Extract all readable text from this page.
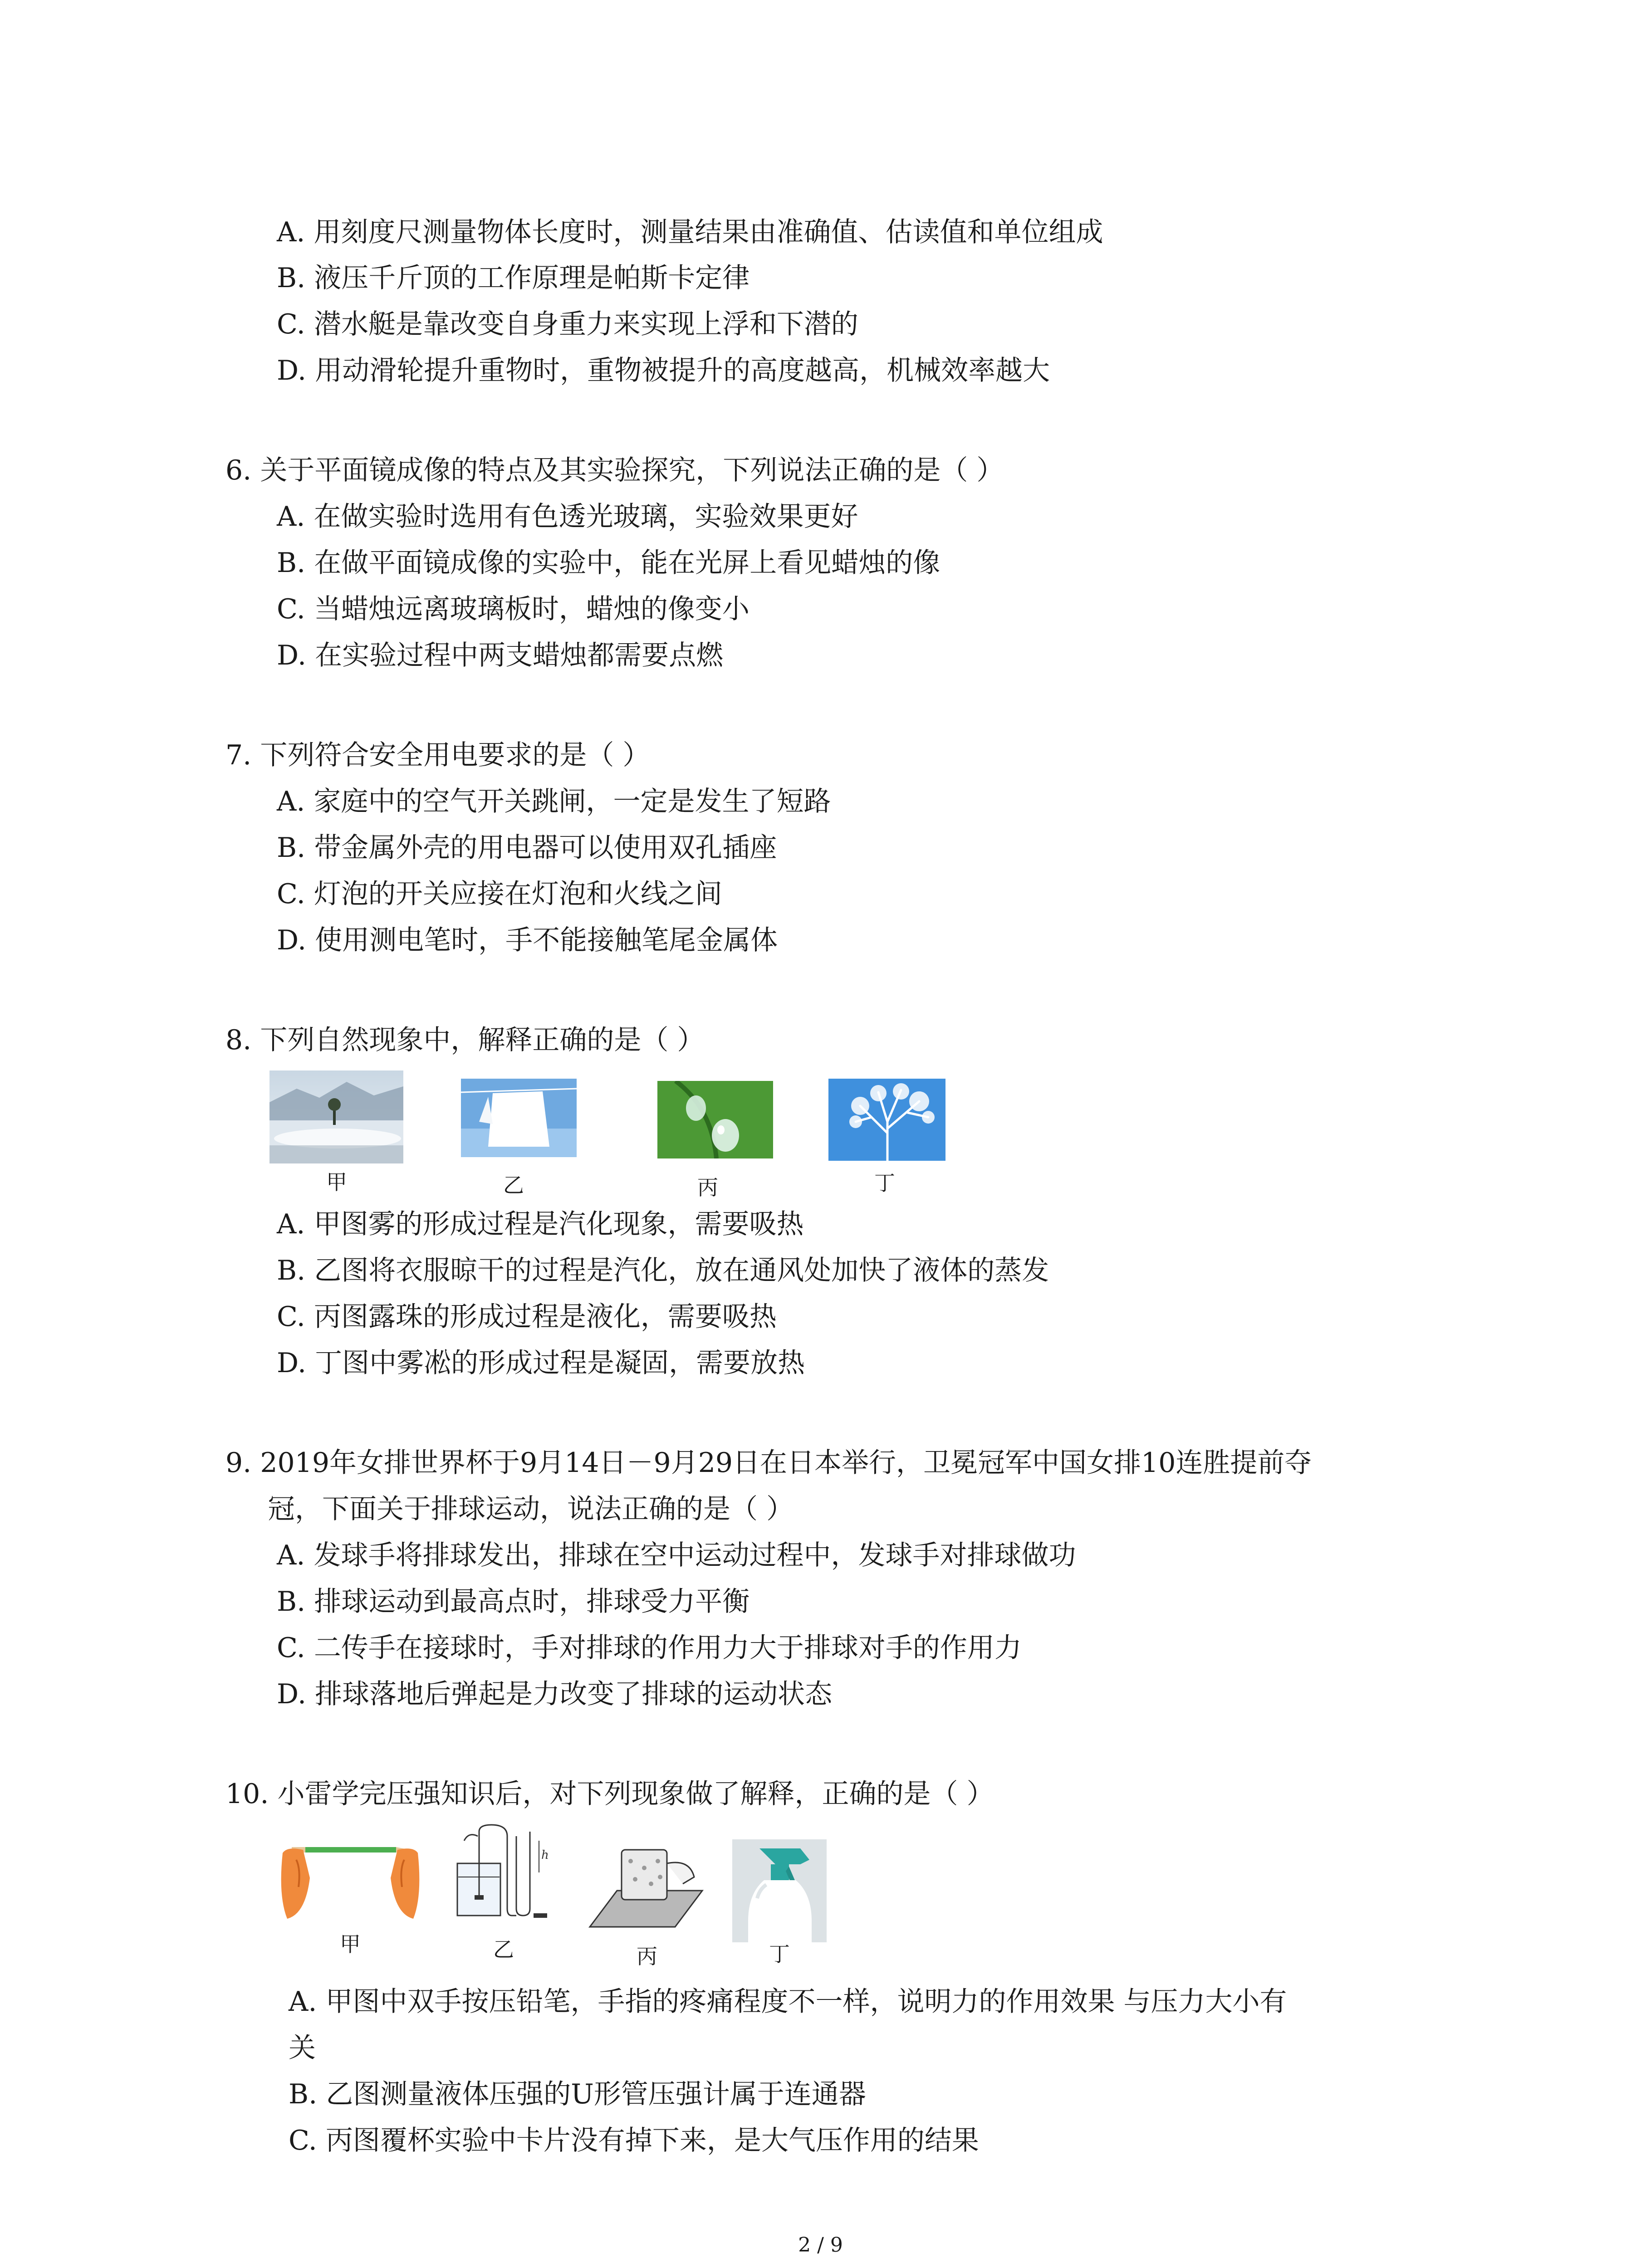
A. 用刻度尺测量物体长度时，测量结果由准确值、估读值和单位组成
B. 液压千斤顶的工作原理是帕斯卡定律
C. 潜水艇是靠改变自身重力来实现上浮和下潜的
D. 用动滑轮提升重物时，重物被提升的高度越高，机械效率越大
6. 关于平面镜成像的特点及其实验探究，下列说法正确的是（ ）
A. 在做实验时选用有色透光玻璃，实验效果更好
B. 在做平面镜成像的实验中，能在光屏上看见蜡烛的像
C. 当蜡烛远离玻璃板时，蜡烛的像变小
D. 在实验过程中两支蜡烛都需要点燃
7. 下列符合安全用电要求的是（ ）
A. 家庭中的空气开关跳闸，一定是发生了短路
B. 带金属外壳的用电器可以使用双孔插座
C. 灯泡的开关应接在灯泡和火线之间
D. 使用测电笔时，手不能接触笔尾金属体
8. 下列自然现象中，解释正确的是（ ）
甲	乙	丙	丁
A. 甲图雾的形成过程是汽化现象，需要吸热
B. 乙图将衣服晾干的过程是汽化，放在通风处加快了液体的蒸发
C. 丙图露珠的形成过程是液化，需要吸热
D. 丁图中雾凇的形成过程是凝固，需要放热
9. 2019年女排世界杯于9月14日－9月29日在日本举行，卫冕冠军中国女排10连胜提前夺
冠，下面关于排球运动，说法正确的是（ ）
A. 发球手将排球发出，排球在空中运动过程中，发球手对排球做功
B. 排球运动到最高点时，排球受力平衡
C. 二传手在接球时，手对排球的作用力大于排球对手的作用力
D. 排球落地后弹起是力改变了排球的运动状态
10. 小雷学完压强知识后，对下列现象做了解释，正确的是（ ）
h
甲	乙	丙	丁
A. 甲图中双手按压铅笔，手指的疼痛程度不一样，说明力的作用效果 与压力大小有
关
B. 乙图测量液体压强的U形管压强计属于连通器
C. 丙图覆杯实验中卡片没有掉下来，是大气压作用的结果
2 / 9
